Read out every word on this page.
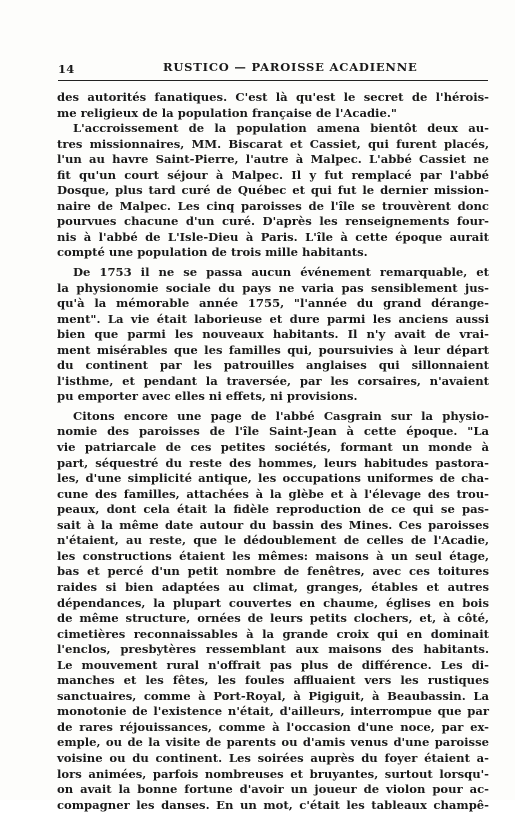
14	RUSTICO — PAROISSE ACADIENNE
des autorités fanatiques. C'est là qu'est le secret de l'hérois-
me religieux de la population française de l'Acadie."
L'accroissement de la population amena bientôt deux au-
tres missionnaires, MM. Biscarat et Cassiet, qui furent placés,
l'un au havre Saint-Pierre, l'autre à Malpec. L'abbé Cassiet ne
fit qu'un court séjour à Malpec. Il y fut remplacé par l'abbé
Dosque, plus tard curé de Québec et qui fut le dernier mission-
naire de Malpec. Les cinq paroisses de l'île se trouvèrent donc
pourvues chacune d'un curé. D'après les renseignements four-
nis à l'abbé de L'Isle-Dieu à Paris. L'île à cette époque aurait
compté une population de trois mille habitants.
De 1753 il ne se passa aucun événement remarquable, et
la physionomie sociale du pays ne varia pas sensiblement jus-
qu'à la mémorable année 1755, "l'année du grand dérange-
ment". La vie était laborieuse et dure parmi les anciens aussi
bien que parmi les nouveaux habitants. Il n'y avait de vrai-
ment misérables que les familles qui, poursuivies à leur départ
du continent par les patrouilles anglaises qui sillonnaient
l'isthme, et pendant la traversée, par les corsaires, n'avaient
pu emporter avec elles ni effets, ni provisions.
Citons encore une page de l'abbé Casgrain sur la physio-
nomie des paroisses de l'île Saint-Jean à cette époque. "La
vie patriarcale de ces petites sociétés, formant un monde à
part, séquestré du reste des hommes, leurs habitudes pastora-
les, d'une simplicité antique, les occupations uniformes de cha-
cune des familles, attachées à la glèbe et à l'élevage des trou-
peaux, dont cela était la fidèle reproduction de ce qui se pas-
sait à la même date autour du bassin des Mines. Ces paroisses
n'étaient, au reste, que le dédoublement de celles de l'Acadie,
les constructions étaient les mêmes: maisons à un seul étage,
bas et percé d'un petit nombre de fenêtres, avec ces toitures
raides si bien adaptées au climat, granges, étables et autres
dépendances, la plupart couvertes en chaume, églises en bois
de même structure, ornées de leurs petits clochers, et, à côté,
cimetières reconnaissables à la grande croix qui en dominait
l'enclos, presbytères ressemblant aux maisons des habitants.
Le mouvement rural n'offrait pas plus de différence. Les di-
manches et les fêtes, les foules affluaient vers les rustiques
sanctuaires, comme à Port-Royal, à Pigiguit, à Beaubassin. La
monotonie de l'existence n'était, d'ailleurs, interrompue que par
de rares réjouissances, comme à l'occasion d'une noce, par ex-
emple, ou de la visite de parents ou d'amis venus d'une paroisse
voisine ou du continent. Les soirées auprès du foyer étaient a-
lors animées, parfois nombreuses et bruyantes, surtout lorsqu'-
on avait la bonne fortune d'avoir un joueur de violon pour ac-
compagner les danses. En un mot, c'était les tableaux champê-
